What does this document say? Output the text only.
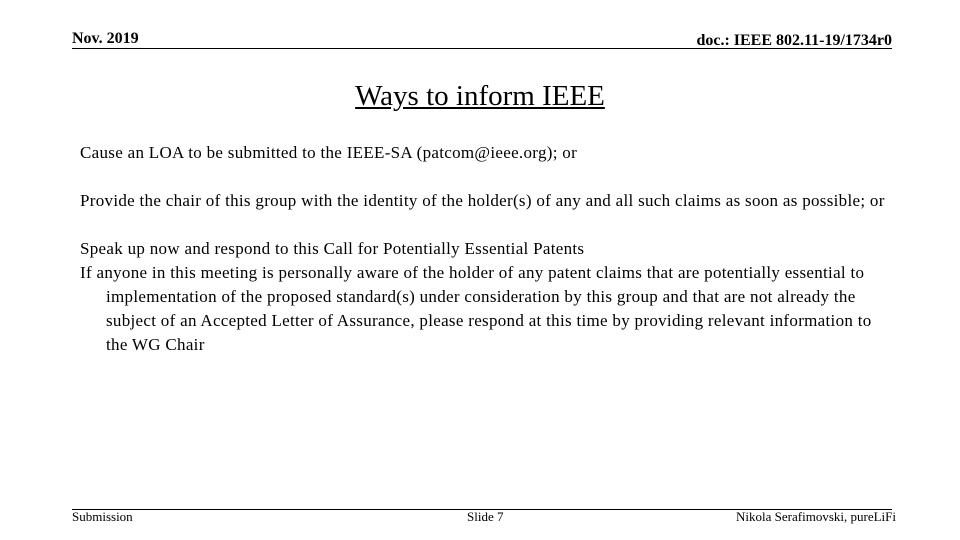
Nov. 2019	doc.: IEEE 802.11-19/1734r0
Ways to inform IEEE

Cause an LOA to be submitted to the IEEE-SA (patcom@ieee.org); or

Provide the chair of this group with the identity of the holder(s) of any and all such claims as soon as possible; or

Speak up now and respond to this Call for Potentially Essential Patents

If anyone in this meeting is personally aware of the holder of any patent claims that are potentially essential to implementation of the proposed standard(s) under consideration by this group and that are not already the subject of an Accepted Letter of Assurance, please respond at this time by providing relevant information to the WG Chair

Submission	Slide 7	Nikola Serafimovski, pureLiFi
